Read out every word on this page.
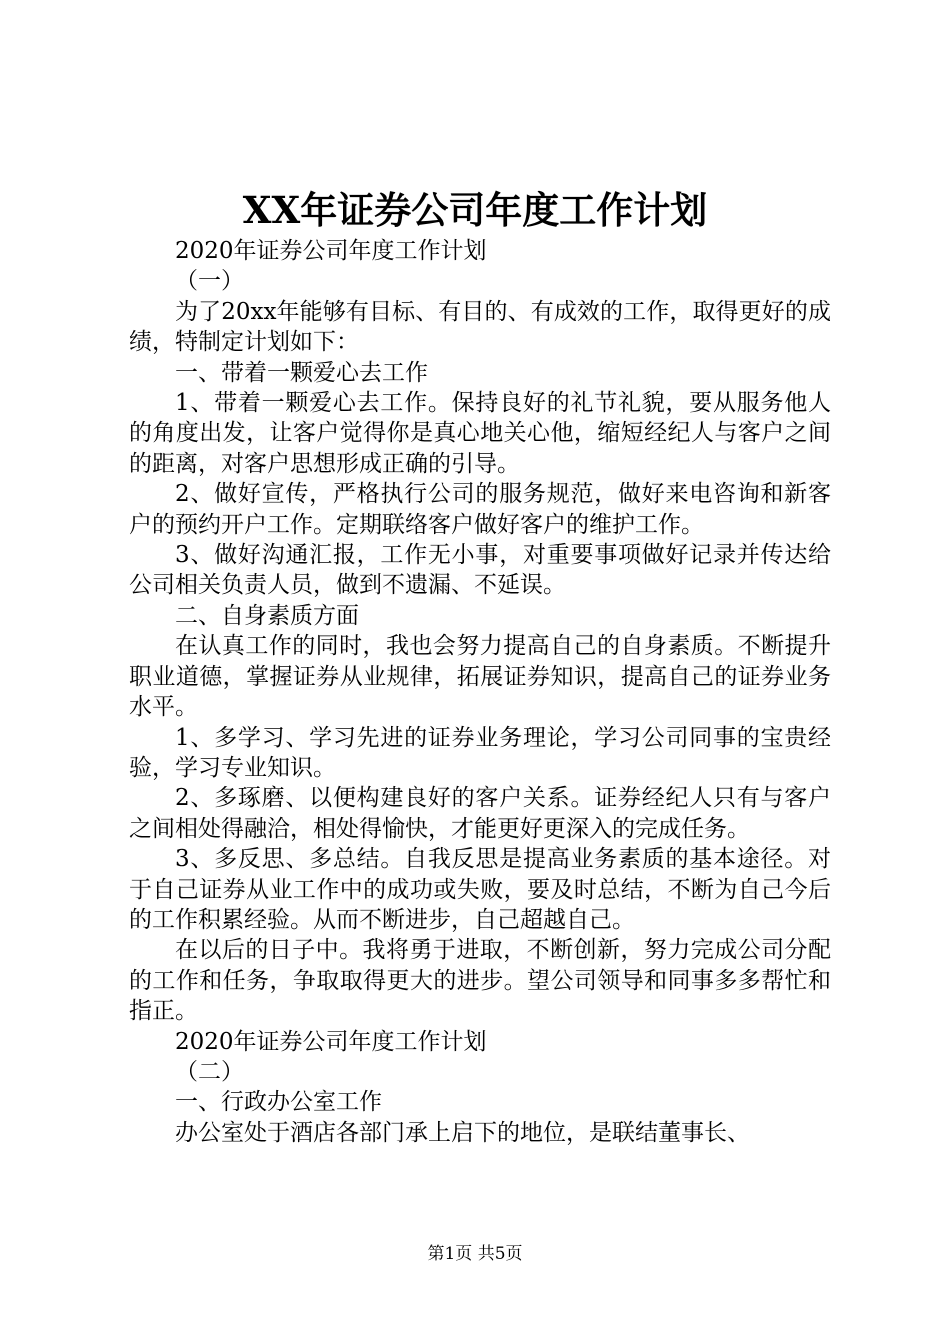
XX年证券公司年度工作计划

2020年证券公司年度工作计划

（一）

为了20xx年能够有目标、有目的、有成效的工作，取得更好的成绩，特制定计划如下：

一、带着一颗爱心去工作

1、带着一颗爱心去工作。保持良好的礼节礼貌，要从服务他人的角度出发，让客户觉得你是真心地关心他，缩短经纪人与客户之间的距离，对客户思想形成正确的引导。

2、做好宣传，严格执行公司的服务规范，做好来电咨询和新客户的预约开户工作。定期联络客户做好客户的维护工作。

3、做好沟通汇报，工作无小事，对重要事项做好记录并传达给公司相关负责人员，做到不遗漏、不延误。

二、自身素质方面

在认真工作的同时，我也会努力提高自己的自身素质。不断提升职业道德，掌握证券从业规律，拓展证券知识，提高自己的证券业务水平。

1、多学习、学习先进的证券业务理论，学习公司同事的宝贵经验，学习专业知识。

2、多琢磨、以便构建良好的客户关系。证券经纪人只有与客户之间相处得融洽，相处得愉快，才能更好更深入的完成任务。

3、多反思、多总结。自我反思是提高业务素质的基本途径。对于自己证券从业工作中的成功或失败，要及时总结，不断为自己今后的工作积累经验。从而不断进步，自己超越自己。

在以后的日子中。我将勇于进取，不断创新，努力完成公司分配的工作和任务，争取取得更大的进步。望公司领导和同事多多帮忙和指正。

2020年证券公司年度工作计划

（二）

一、行政办公室工作

办公室处于酒店各部门承上启下的地位，是联结董事长、

第1页 共5页
